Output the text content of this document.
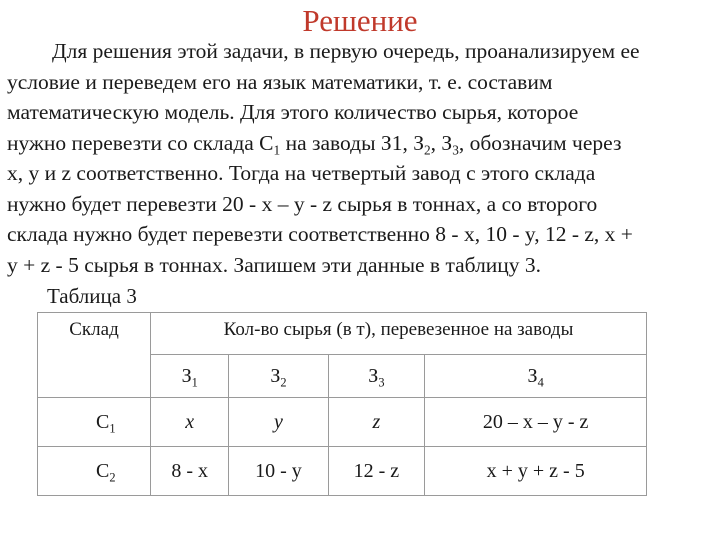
Решение

Для решения этой задачи, в первую очередь, проанализируем ее
условие и переведем его на язык математики, т. е. составим
математическую модель. Для этого количество сырья, которое
нужно перевезти со склада $С_1$ на заводы З1, $З_2$, $З_3$, обозначим через
x, y и z соответственно. Тогда на четвертый завод с этого склада
нужно будет перевезти 20 - x – y - z сырья в тоннах, а со второго
склада нужно будет перевезти соответственно 8 - x, 10 - y, 12 - z, x +
y + z - 5 сырья в тоннах. Запишем эти данные в таблицу 3.

Таблица 3
Склад	Кол-во сырья (в т), перевезенное на заводы			
	$З_1$	$З_2$	$З_3$	$З_4$
$С_1$	x	y	z	20 – x – y - z
$С_2$	8 - x	10 - y	12 - z	x + y + z - 5
